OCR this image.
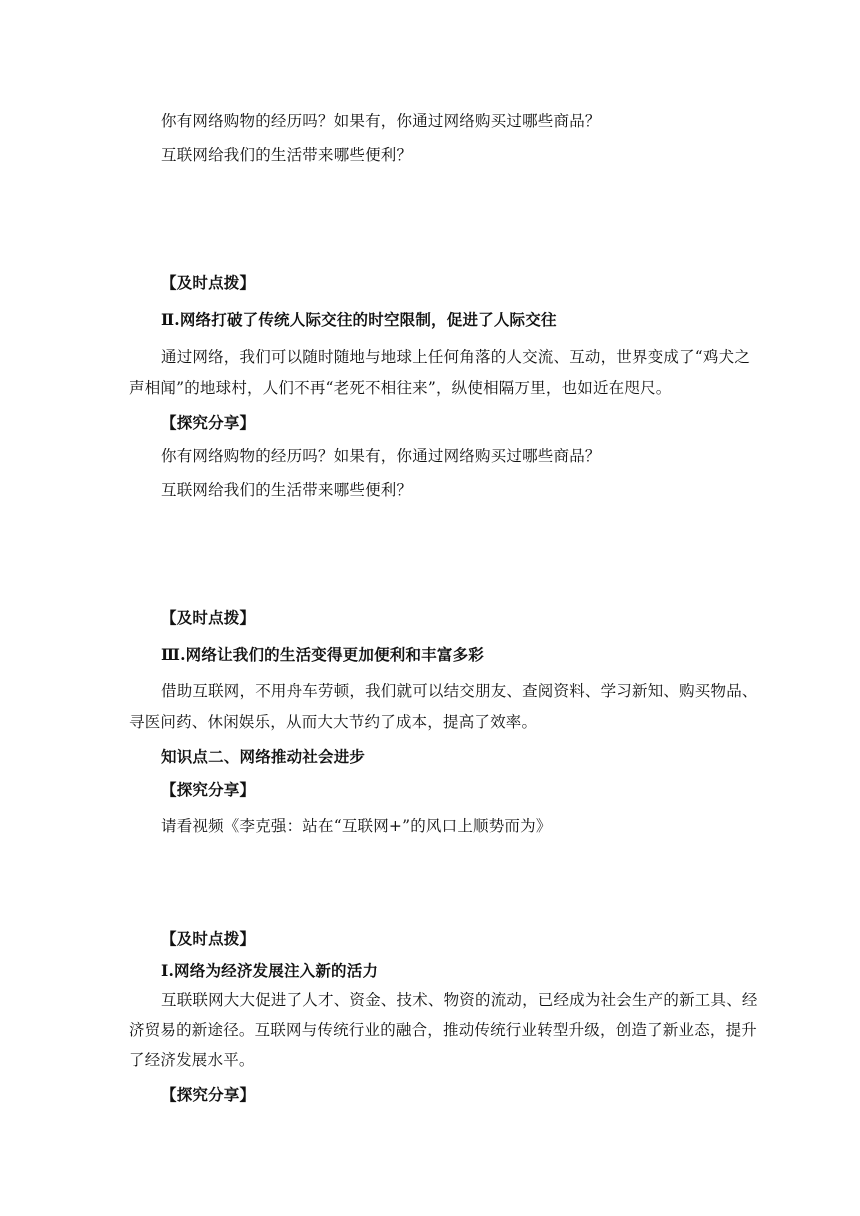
你有网络购物的经历吗？如果有，你通过网络购买过哪些商品？
互联网给我们的生活带来哪些便利？
【及时点拨】
Ⅱ.网络打破了传统人际交往的时空限制，促进了人际交往
通过网络，我们可以随时随地与地球上任何角落的人交流、互动，世界变成了“鸡犬之
声相闻”的地球村，人们不再“老死不相往来”，纵使相隔万里，也如近在咫尺。
【探究分享】
你有网络购物的经历吗？如果有，你通过网络购买过哪些商品？
互联网给我们的生活带来哪些便利？
【及时点拨】
Ⅲ.网络让我们的生活变得更加便利和丰富多彩
借助互联网，不用舟车劳顿，我们就可以结交朋友、查阅资料、学习新知、购买物品、
寻医问药、休闲娱乐，从而大大节约了成本，提高了效率。
知识点二、网络推动社会进步
【探究分享】
请看视频《李克强：站在“互联网+”的风口上顺势而为》
【及时点拨】
Ⅰ.网络为经济发展注入新的活力
互联联网大大促进了人才、资金、技术、物资的流动，已经成为社会生产的新工具、经
济贸易的新途径。互联网与传统行业的融合，推动传统行业转型升级，创造了新业态，提升
了经济发展水平。
【探究分享】
